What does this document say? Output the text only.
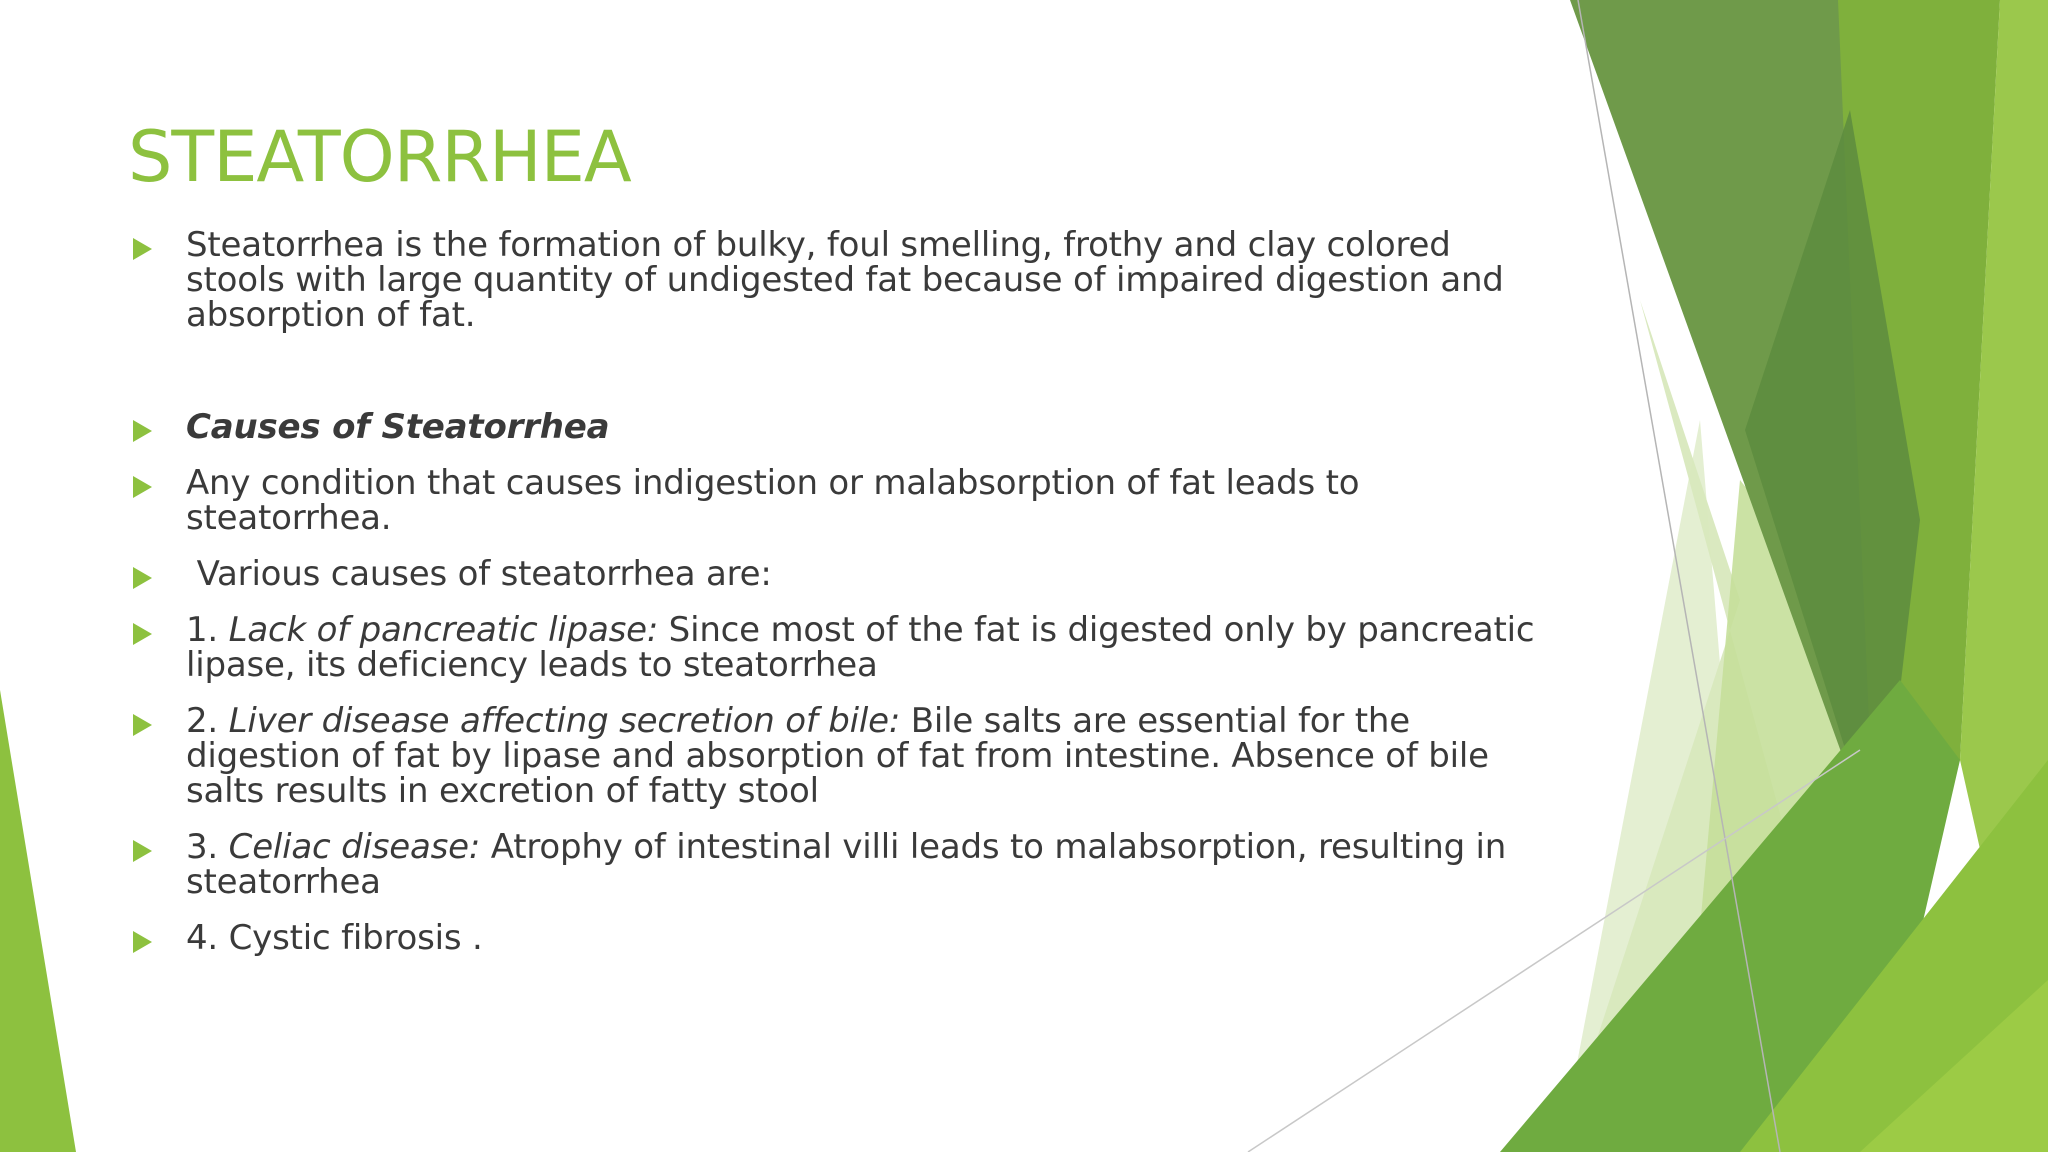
STEATORRHEA
Steatorrhea is the formation of bulky, foul smelling, frothy and clay colored stools with large quantity of undigested fat because of impaired digestion and absorption of fat.
Causes of Steatorrhea
Any condition that causes indigestion or malabsorption of fat leads to steatorrhea.
Various causes of steatorrhea are:
1. Lack of pancreatic lipase: Since most of the fat is digested only by pancreatic lipase, its deficiency leads to steatorrhea
2. Liver disease affecting secretion of bile: Bile salts are essential for the digestion of fat by lipase and absorption of fat from intestine. Absence of bile salts results in excretion of fatty stool
3. Celiac disease: Atrophy of intestinal villi leads to malabsorption, resulting in steatorrhea
4. Cystic fibrosis .
